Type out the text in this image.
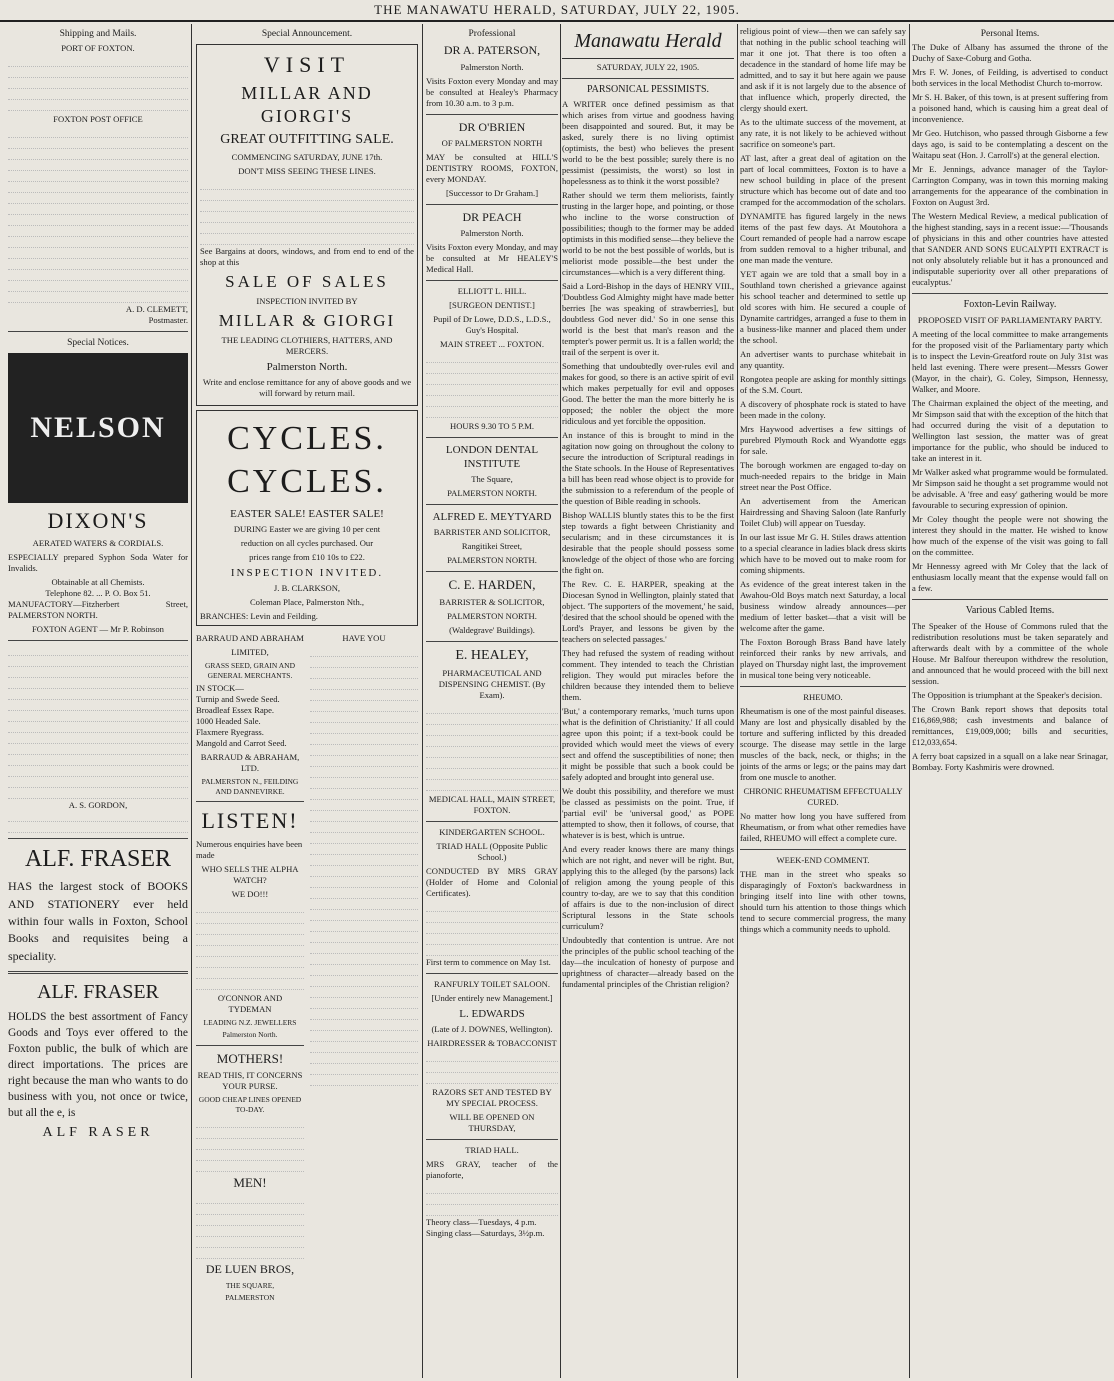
THE MANAWATU HERALD, SATURDAY, JULY 22, 1905.
Shipping and Mails.
PORT OF FOXTON.
FOXTON POST OFFICE
A. D. CLEMETT,
Postmaster.
Special Notices.
NELSON
DIXON'S
AERATED WATERS & CORDIALS.

ESPECIALLY prepared Syphon Soda Water for Invalids.

Obtainable at all Chemists.
Telephone 82. ... P. O. Box 51.

MANUFACTORY—Fitzherbert Street, PALMERSTON NORTH.

FOXTON AGENT — Mr P. Robinson
A. S. GORDON,
ALF. FRASER

HAS the largest stock of BOOKS AND STATIONERY ever held within four walls in Foxton, School Books and requisites being a speciality.

ALF. FRASER

HOLDS the best assortment of Fancy Goods and Toys ever offered to the Foxton public, the bulk of which are direct importations. The prices are right because the man who wants to do business with you, not once or twice, but all the e, is

ALF RASER
Special Announcement.
VISIT
MILLAR AND GIORGI'S
GREAT OUTFITTING SALE.
COMMENCING SATURDAY, JUNE 17th.
DON'T MISS SEEING THESE LINES.

See Bargains at doors, windows, and from end to end of the shop at this

SALE OF SALES
INSPECTION INVITED BY
MILLAR & GIORGI
THE LEADING CLOTHIERS, HATTERS, AND MERCERS.
Palmerston North.

Write and enclose remittance for any of above goods and we will forward by return mail.

CYCLES. CYCLES.
EASTER SALE! EASTER SALE!
DURING Easter we are giving 10 per cent
reduction on all cycles purchased. Our
prices range from £10 10s to £22.
INSPECTION INVITED.
J. B. CLARKSON,
Coleman Place, Palmerston Nth.,
BRANCHES: Levin and Feilding.
BARRAUD AND ABRAHAM
LIMITED,
GRASS SEED, GRAIN AND GENERAL MERCHANTS.
IN STOCK—
Turnip and Swede Seed.
Broadleaf Essex Rape.
1000 Headed Sale.
Flaxmere Ryegrass.
Mangold and Carrot Seed.
BARRAUD & ABRAHAM, LTD.
PALMERSTON N., FEILDING AND DANNEVIRKE.
LISTEN!
Numerous enquiries have been made
WHO SELLS THE ALPHA WATCH?
WE DO!!!
O'CONNOR AND TYDEMAN
LEADING N.Z. JEWELLERS
Palmerston North.
MOTHERS!
READ THIS, IT CONCERNS YOUR PURSE.
GOOD CHEAP LINES OPENED TO-DAY.
MEN!
DE LUEN BROS,
THE SQUARE,
PALMERSTON
HAVE YOU
Professional
DR A. PATERSON,
Palmerston North.

Visits Foxton every Monday and may be consulted at Healey's Pharmacy from 10.30 a.m. to 3 p.m.

DR O'BRIEN
OF PALMERSTON NORTH

MAY be consulted at HILL'S DENTISTRY ROOMS, FOXTON, every MONDAY.

[Successor to Dr Graham.]
DR PEACH
Palmerston North.

Visits Foxton every Monday, and may be consulted at Mr HEALEY'S Medical Hall.

ELLIOTT L. HILL.
[SURGEON DENTIST.]
Pupil of Dr Lowe, D.D.S., L.D.S., Guy's Hospital.
MAIN STREET ... FOXTON.
HOURS 9.30 TO 5 P.M.
LONDON DENTAL INSTITUTE
The Square,
PALMERSTON NORTH.
ALFRED E. MEYTYARD
BARRISTER AND SOLICITOR,
Rangitikei Street,
PALMERSTON NORTH.
C. E. HARDEN,
BARRISTER & SOLICITOR,
PALMERSTON NORTH.
(Waldegrave' Buildings).
E. HEALEY,
PHARMACEUTICAL AND DISPENSING CHEMIST. (By Exam).
MEDICAL HALL, MAIN STREET, FOXTON.
KINDERGARTEN SCHOOL.
TRIAD HALL (Opposite Public School.)

CONDUCTED BY MRS GRAY (Holder of Home and Colonial Certificates).

First term to commence on May 1st.
RANFURLY TOILET SALOON.
[Under entirely new Management.]
L. EDWARDS
(Late of J. DOWNES, Wellington).
HAIRDRESSER & TOBACCONIST
RAZORS SET AND TESTED BY MY SPECIAL PROCESS.
WILL BE OPENED ON THURSDAY,
TRIAD HALL.

MRS GRAY, teacher of the pianoforte,

Theory class—Tuesdays, 4 p.m.
Singing class—Saturdays, 3½p.m.
Manawatu Herald
SATURDAY, JULY 22, 1905.
PARSONICAL PESSIMISTS.

A WRITER once defined pessimism as that which arises from virtue and goodness having been disappointed and soured. But, it may be asked, surely there is no living optimist (optimists, the best) who believes the present world to be the best possible; surely there is no pessimist (pessimists, the worst) so lost in hopelessness as to think it the worst possible?

Rather should we term them meliorists, faintly trusting in the larger hope, and pointing, or those who incline to the worse construction of possibilities; though to the former may be added optimists in this modified sense—they believe the world to be not the best possible of worlds, but is meliorist mode possible—the best under the circumstances—which is a very different thing.

Said a Lord-Bishop in the days of HENRY VIII., 'Doubtless God Almighty might have made better berries [he was speaking of strawberries], but doubtless God never did.' So in one sense this world is the best that man's reason and the tempter's power permit us. It is a fallen world; the trail of the serpent is over it.

Something that undoubtedly over-rules evil and makes for good, so there is an active spirit of evil which makes perpetually for evil and opposes Good. The better the man the more bitterly he is opposed; the nobler the object the more ridiculous and yet forcible the opposition.

An instance of this is brought to mind in the agitation now going on throughout the colony to secure the introduction of Scriptural readings in the State schools. In the House of Representatives a bill has been read whose object is to provide for the submission to a referendum of the people of the question of Bible reading in schools.

Bishop WALLIS bluntly states this to be the first step towards a fight between Christianity and secularism; and in these circumstances it is desirable that the people should possess some knowledge of the object of those who are forcing the fight on.

The Rev. C. E. HARPER, speaking at the Diocesan Synod in Wellington, plainly stated that object. 'The supporters of the movement,' he said, 'desired that the school should be opened with the Lord's Prayer, and lessons be given by the teachers on selected passages.'

They had refused the system of reading without comment. They intended to teach the Christian religion. They would put miracles before the children because they intended them to believe them.

'But,' a contemporary remarks, 'much turns upon what is the definition of Christianity.' If all could agree upon this point; if a text-book could be provided which would meet the views of every sect and offend the susceptibilities of none; then it might be possible that such a book could be safely adopted and brought into general use.

We doubt this possibility, and therefore we must be classed as pessimists on the point. True, if 'partial evil' be 'universal good,' as POPE attempted to show, then it follows, of course, that whatever is is best, which is untrue.

And every reader knows there are many things which are not right, and never will be right. But, applying this to the alleged (by the parsons) lack of religion among the young people of this country to-day, are we to say that this condition of affairs is due to the non-inclusion of direct Scriptural lessons in the State schools curriculum?

Undoubtedly that contention is untrue. Are not the principles of the public school teaching of the day—the inculcation of honesty of purpose and uprightness of character—already based on the fundamental principles of the Christian religion?

religious point of view—then we can safely say that nothing in the public school teaching will mar it one jot. That there is too often a decadence in the standard of home life may be admitted, and to say it but here again we pause and ask if it is not largely due to the absence of that influence which, properly directed, the clergy should exert.

As to the ultimate success of the movement, at any rate, it is not likely to be achieved without sacrifice on someone's part.

AT last, after a great deal of agitation on the part of local committees, Foxton is to have a new school building in place of the present structure which has become out of date and too cramped for the accommodation of the scholars.

DYNAMITE has figured largely in the news items of the past few days. At Moutohora a Court remanded of people had a narrow escape from sudden removal to a higher tribunal, and one man made the venture.

YET again we are told that a small boy in a Southland town cherished a grievance against his school teacher and determined to settle up old scores with him. He secured a couple of Dynamite cartridges, arranged a fuse to them in a business-like manner and placed them under the school.

An advertiser wants to purchase whitebait in any quantity.

Rongotea people are asking for monthly sittings of the S.M. Court.

A discovery of phosphate rock is stated to have been made in the colony.

Mrs Haywood advertises a few sittings of purebred Plymouth Rock and Wyandotte eggs for sale.

The borough workmen are engaged to-day on much-needed repairs to the bridge in Main street near the Post Office.

An advertisement from the American Hairdressing and Shaving Saloon (late Ranfurly Toilet Club) will appear on Tuesday.

In our last issue Mr G. H. Stiles draws attention to a special clearance in ladies black dress skirts which have to be moved out to make room for coming shipments.

As evidence of the great interest taken in the Awahou-Old Boys match next Saturday, a local business window already announces—per medium of letter basket—that a visit will be welcome after the game.

The Foxton Borough Brass Band have lately reinforced their ranks by new arrivals, and played on Thursday night last, the improvement in musical tone being very noticeable.

RHEUMO.

Rheumatism is one of the most painful diseases. Many are lost and physically disabled by the torture and suffering inflicted by this dreaded scourge. The disease may settle in the large muscles of the back, neck, or thighs; in the joints of the arms or legs; or the pains may dart from one muscle to another.

CHRONIC RHEUMATISM EFFECTUALLY CURED.

No matter how long you have suffered from Rheumatism, or from what other remedies have failed, RHEUMO will effect a complete cure.

WEEK-END COMMENT.

THE man in the street who speaks so disparagingly of Foxton's backwardness in bringing itself into line with other towns, should turn his attention to those things which tend to secure commercial progress, the many things which a community needs to uphold.

Personal Items.

The Duke of Albany has assumed the throne of the Duchy of Saxe-Coburg and Gotha.

Mrs F. W. Jones, of Feilding, is advertised to conduct both services in the local Methodist Church to-morrow.

Mr S. H. Baker, of this town, is at present suffering from a poisoned hand, which is causing him a great deal of inconvenience.

Mr Geo. Hutchison, who passed through Gisborne a few days ago, is said to be contemplating a descent on the Waitapu seat (Hon. J. Carroll's) at the general election.

Mr E. Jennings, advance manager of the Taylor-Carrington Company, was in town this morning making arrangements for the appearance of the combination in Foxton on August 3rd.

The Western Medical Review, a medical publication of the highest standing, says in a recent issue:—'Thousands of physicians in this and other countries have attested that SANDER AND SONS EUCALYPTI EXTRACT is not only absolutely reliable but it has a pronounced and indisputable superiority over all other preparations of eucalyptus.'

Foxton-Levin Railway.
PROPOSED VISIT OF PARLIAMENTARY PARTY.

A meeting of the local committee to make arrangements for the proposed visit of the Parliamentary party which is to inspect the Levin-Greatford route on July 31st was held last evening. There were present—Messrs Gower (Mayor, in the chair), G. Coley, Simpson, Hennessy, Walker, and Moore.

The Chairman explained the object of the meeting, and Mr Simpson said that with the exception of the hitch that had occurred during the visit of a deputation to Wellington last session, the matter was of great importance for the public, who should be induced to take an interest in it.

Mr Walker asked what programme would be formulated. Mr Simpson said he thought a set programme would not be advisable. A 'free and easy' gathering would be more favourable to securing expression of opinion.

Mr Coley thought the people were not showing the interest they should in the matter. He wished to know how much of the expense of the visit was going to fall on the committee.

Mr Hennessy agreed with Mr Coley that the lack of enthusiasm locally meant that the expense would fall on a few.

Various Cabled Items.

The Speaker of the House of Commons ruled that the redistribution resolutions must be taken separately and afterwards dealt with by a committee of the whole House. Mr Balfour thereupon withdrew the resolution, and announced that he would proceed with the bill next session.

The Opposition is triumphant at the Speaker's decision.

The Crown Bank report shows that deposits total £16,869,988; cash investments and balance of remittances, £19,009,000; bills and securities, £12,033,654.

A ferry boat capsized in a squall on a lake near Srinagar, Bombay. Forty Kashmiris were drowned.
